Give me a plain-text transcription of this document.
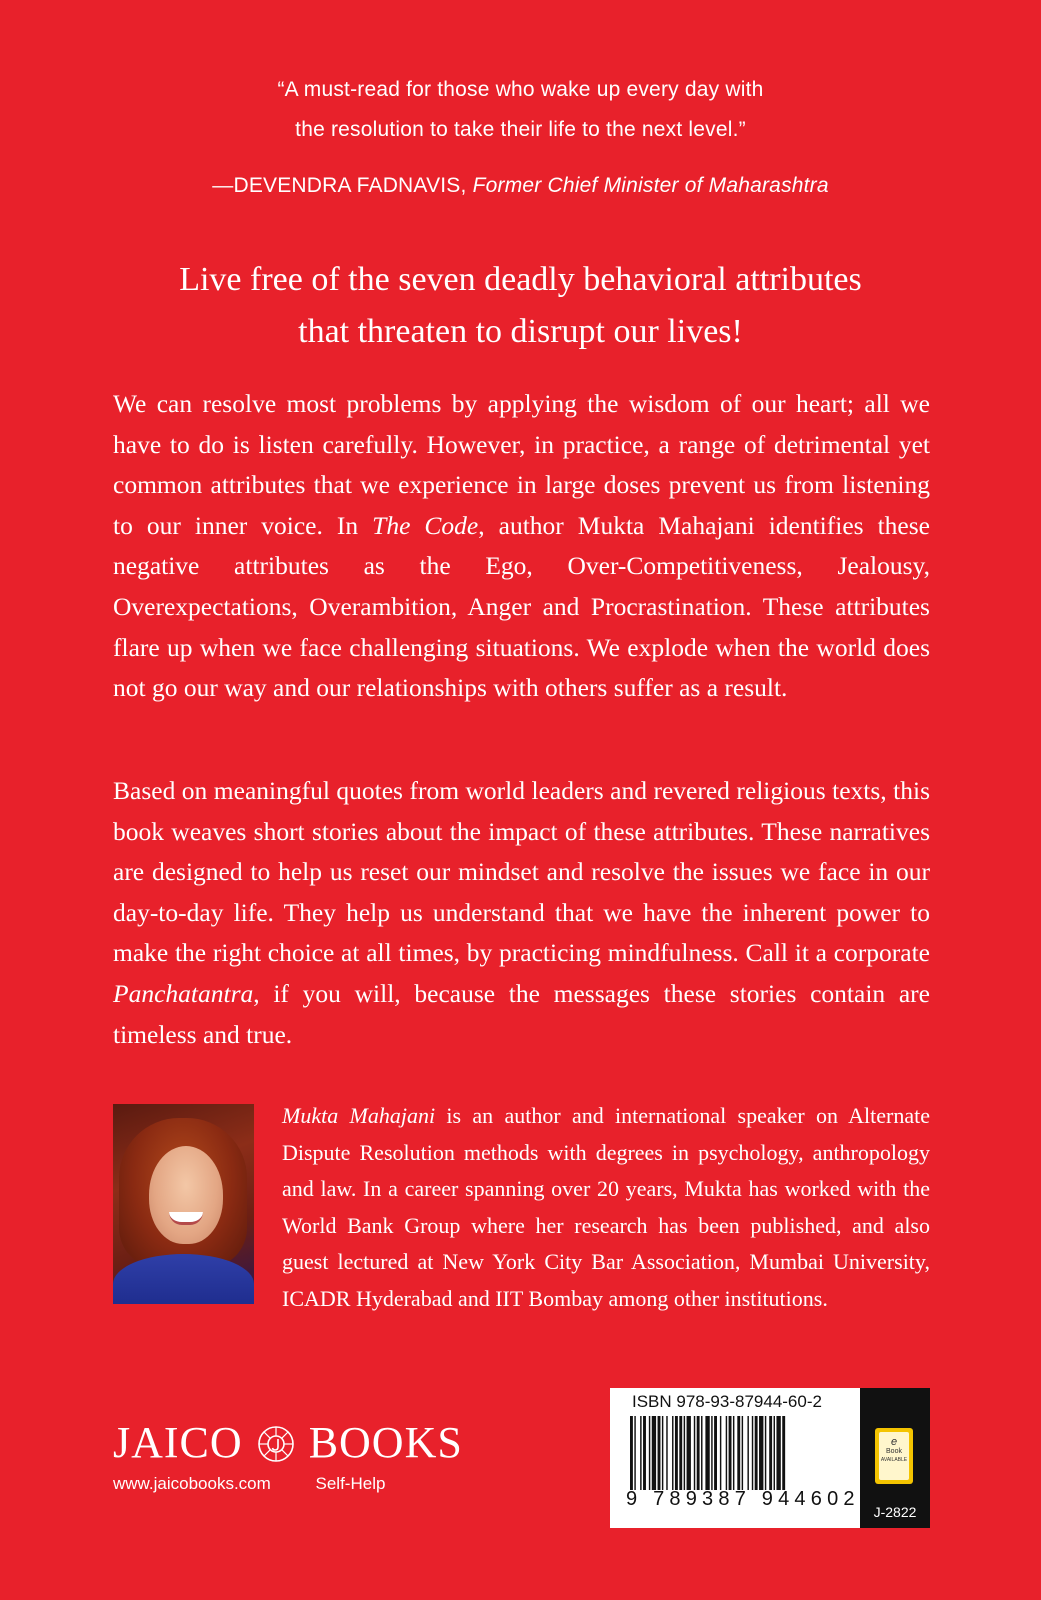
“A must-read for those who wake up every day with
the resolution to take their life to the next level.”
—DEVENDRA FADNAVIS, Former Chief Minister of Maharashtra
Live free of the seven deadly behavioral attributes
that threaten to disrupt our lives!
We can resolve most problems by applying the wisdom of our heart; all we have to do is listen carefully. However, in practice, a range of detrimental yet common attributes that we experience in large doses prevent us from listening to our inner voice. In The Code, author Mukta Mahajani identifies these negative attributes as the Ego, Over-Competitiveness, Jealousy, Overexpectations, Overambition, Anger and Procrastination. These attributes flare up when we face challenging situations. We explode when the world does not go our way and our relationships with others suffer as a result.
Based on meaningful quotes from world leaders and revered religious texts, this book weaves short stories about the impact of these attributes. These narratives are designed to help us reset our mindset and resolve the issues we face in our day-to-day life. They help us understand that we have the inherent power to make the right choice at all times, by practicing mindfulness. Call it a corporate Panchatantra, if you will, because the messages these stories contain are timeless and true.
Mukta Mahajani is an author and international speaker on Alternate Dispute Resolution methods with degrees in psychology, anthropology and law. In a career spanning over 20 years, Mukta has worked with the World Bank Group where her research has been published, and also guest lectured at New York City Bar Association, Mumbai University, ICADR Hyderabad and IIT Bombay among other institutions.
JAICO BOOKS
www.jaicobooks.com	Self-Help
ISBN 978-93-87944-60-2
9 789387 944602
e
Book
AVAILABLE
J-2822
